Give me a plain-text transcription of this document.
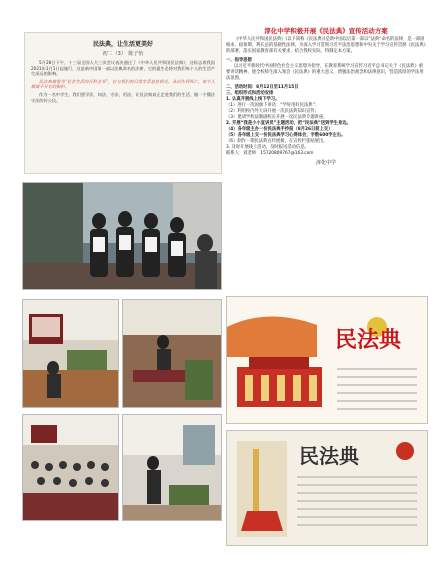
民法典，让生活更美好
初二（3）　陈子怡

5月28日下午，十三届全国人大三次会议表决通过了《中华人民共和国民法典》，这标志着我国2021年1月1日起施行，这是新中国第一部以法典命名的法律，它的诞生必将对我们每个人的生活产生深远的影响。

民法典被誉为“社会生活的百科全书”，它与我们的日常生活息息相关，从出生到死亡，每个人都离不开它的保护。

作为一名中学生，我们要学法、知法、守法、用法，让民法典真正走进我们的生活，做一个懂法守法的好公民。

淳化中学积极开展《民法典》宣传活动方案

《中华人民共和国民法典》(以下简称《民法典》)是新中国以后第一部以“法典”命名的法律，是一部固根本、稳预期、利长远的基础性法律。为深入学习贯彻习近平法治思想和中央关于学习宣传贯彻《民法典》的部署，落实国家教育部有关要求，结合我校实际，特制定本方案。

一、指导思想

以习近平新时代中国特色社会主义思想为指导，在教育系统学习宣传习近平总书记关于《民法典》重要讲话精神，使全校师生深入领会《民法典》的重大意义，增强法治观念和法律意识，营造浓厚的学法用法氛围。

二、活动时间：8月12日至11月15日

三、组织形式和活动安排

1. 认真开展线上线下学习。

（1）进行一次国旗下讲话：“学好用好民法典”；

（2）利用校内外大屏开展一次民法典知识宣传；

（3）邀请学校法制副校长开展一次民法典专题讲座。

2. 开展“我是小小宣讲员”主题活动，把“民法典”送到学生身边。

（4）各年级主办一份民法典手抄报（8月26日前上交）

（5）各年级上交一份民法典学习心得体会，字数600字左右。

（6）制作一期民法典宣传展板，在宣传栏张贴展出。

3. 及时开展线上活动，及时报送活动信息。

联系人：刘老师　15720809767@163.com

淳化中学
民法典
民法典
